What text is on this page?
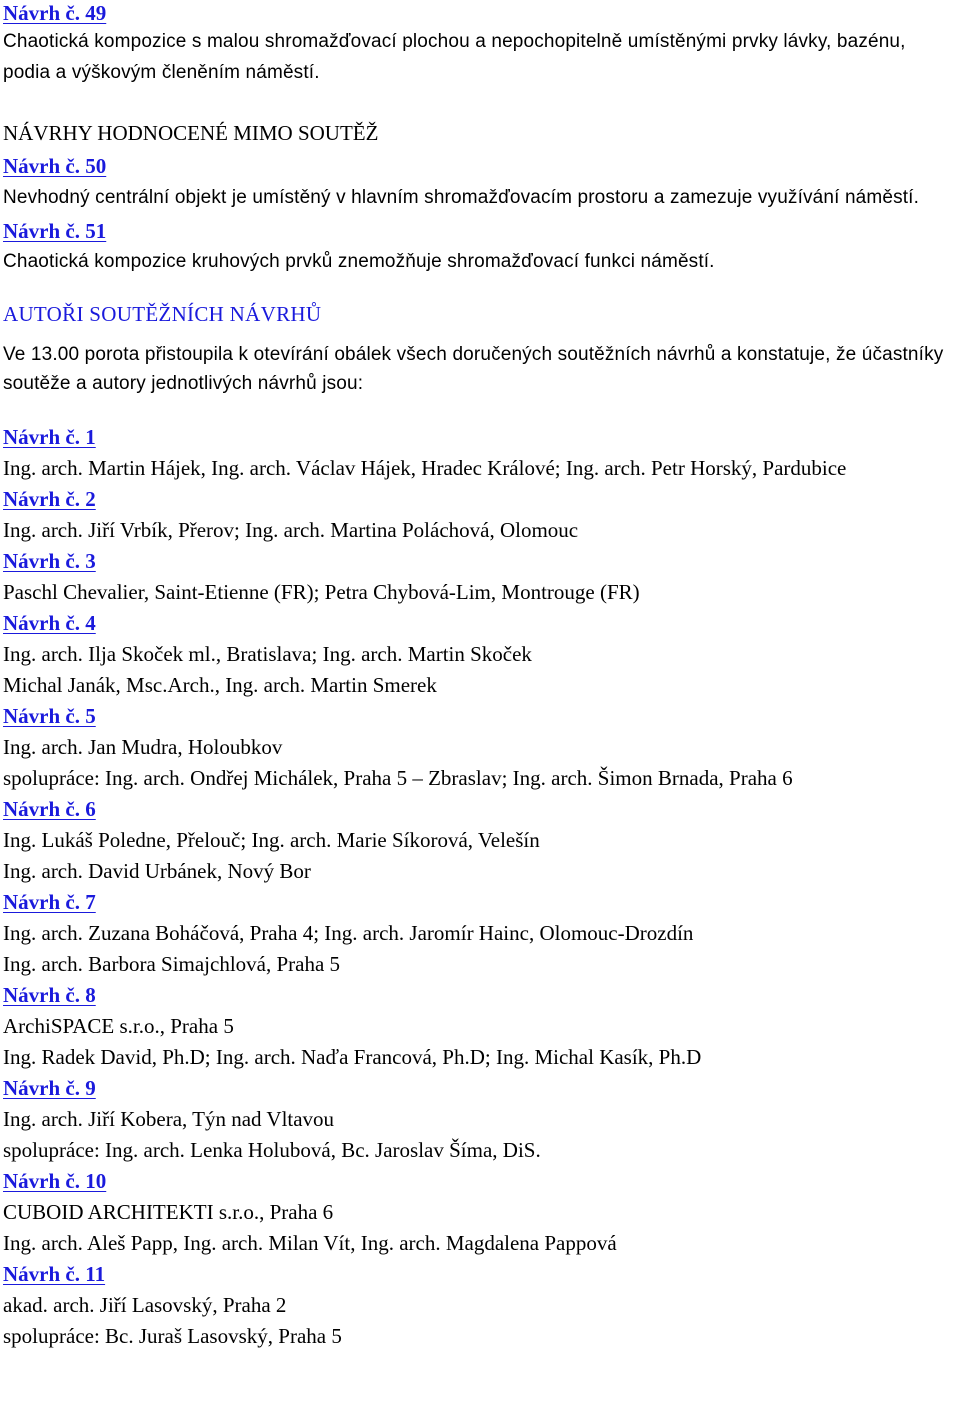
Návrh č. 49
Chaotická kompozice s malou shromažďovací plochou a nepochopitelně umístěnými prvky lávky, bazénu, podia a výškovým členěním náměstí.
NÁVRHY HODNOCENÉ MIMO SOUTĚŽ
Návrh č. 50
Nevhodný centrální objekt je umístěný v hlavním shromažďovacím prostoru a zamezuje využívání náměstí.
Návrh č. 51
Chaotická kompozice kruhových prvků znemožňuje shromažďovací funkci náměstí.
AUTOŘI SOUTĚŽNÍCH NÁVRHŮ
Ve 13.00 porota přistoupila k otevírání obálek všech doručených soutěžních návrhů a konstatuje, že účastníky soutěže a autory jednotlivých návrhů jsou:
Návrh č. 1
Ing. arch. Martin Hájek, Ing. arch. Václav Hájek, Hradec Králové; Ing. arch. Petr Horský, Pardubice
Návrh č. 2
Ing. arch. Jiří Vrbík, Přerov; Ing. arch. Martina Poláchová, Olomouc
Návrh č. 3
Paschl Chevalier, Saint-Etienne (FR); Petra Chybová-Lim, Montrouge (FR)
Návrh č. 4
Ing. arch. Ilja Skoček ml., Bratislava; Ing. arch. Martin Skoček
Michal Janák, Msc.Arch., Ing. arch. Martin Smerek
Návrh č. 5
Ing. arch. Jan Mudra, Holoubkov
spolupráce: Ing. arch. Ondřej Michálek, Praha 5 – Zbraslav; Ing. arch. Šimon Brnada, Praha 6
Návrh č. 6
Ing. Lukáš Poledne, Přelouč; Ing. arch. Marie Síkorová, Velešín
Ing. arch. David Urbánek, Nový Bor
Návrh č. 7
Ing. arch. Zuzana Boháčová, Praha 4; Ing. arch. Jaromír Hainc, Olomouc-Drozdín
Ing. arch. Barbora Simajchlová, Praha 5
Návrh č. 8
ArchiSPACE s.r.o., Praha 5
Ing. Radek David, Ph.D; Ing. arch. Naďa Francová, Ph.D; Ing. Michal Kasík, Ph.D
Návrh č. 9
Ing. arch. Jiří Kobera, Týn nad Vltavou
spolupráce: Ing. arch. Lenka Holubová, Bc. Jaroslav Šíma, DiS.
Návrh č. 10
CUBOID ARCHITEKTI s.r.o., Praha 6
Ing. arch. Aleš Papp, Ing. arch. Milan Vít, Ing. arch. Magdalena Pappová
Návrh č. 11
akad. arch. Jiří Lasovský, Praha 2
spolupráce: Bc. Juraš Lasovský, Praha 5
